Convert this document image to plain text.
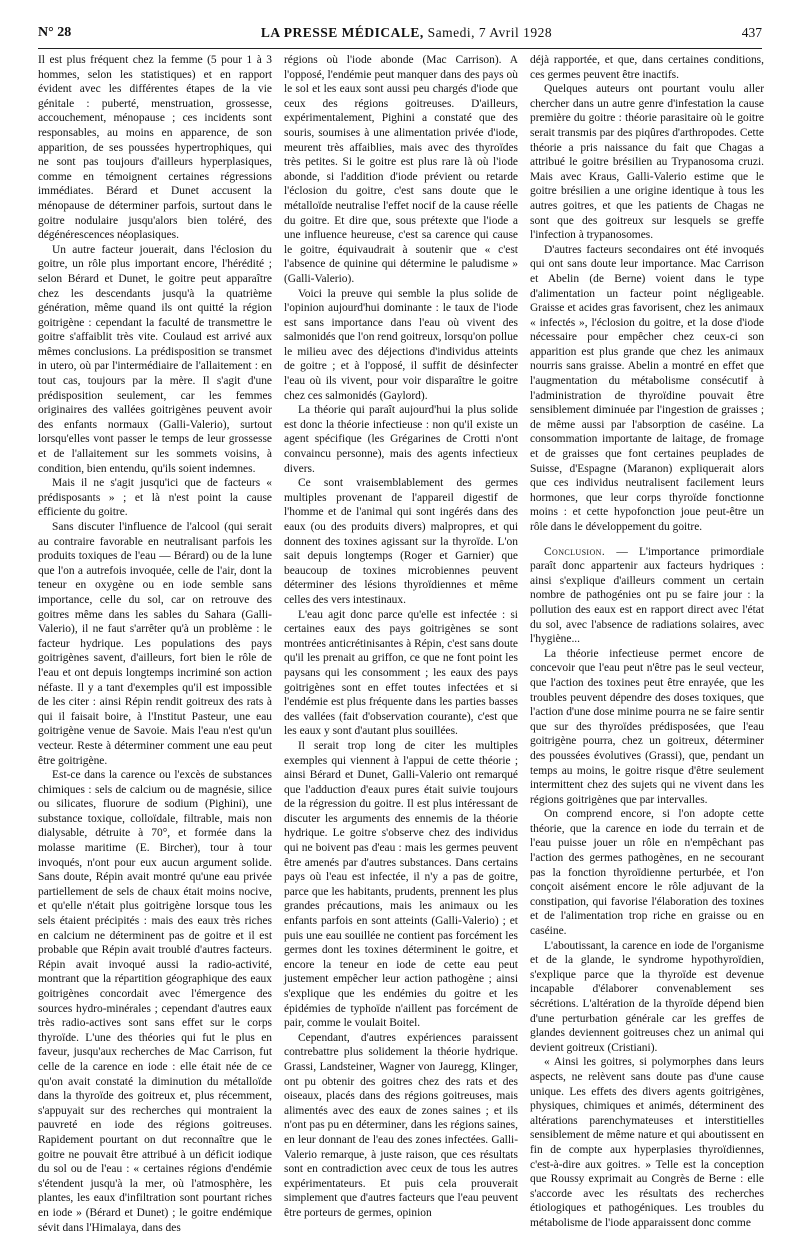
N° 28	LA PRESSE MÉDICALE, Samedi, 7 Avril 1928	437

Il est plus fréquent chez la femme (5 pour 1 à 3 hommes, selon les statistiques) et en rapport évident avec les différentes étapes de la vie génitale : puberté, menstruation, grossesse, accouchement, ménopause ; ces incidents sont responsables, au moins en apparence, de son apparition, de ses poussées hypertrophiques, qui ne sont pas toujours d'ailleurs hyperplasiques, comme en témoignent certaines régressions immédiates. Bérard et Dunet accusent la ménopause de déterminer parfois, surtout dans le goitre nodulaire jusqu'alors bien toléré, des dégénérescences néoplasiques.

Un autre facteur jouerait, dans l'éclosion du goitre, un rôle plus important encore, l'hérédité ; selon Bérard et Dunet, le goitre peut apparaître chez les descendants jusqu'à la quatrième génération, même quand ils ont quitté la région goitrigène : cependant la faculté de transmettre le goitre s'affaiblit très vite. Coulaud est arrivé aux mêmes conclusions. La prédisposition se transmet in utero, où par l'intermédiaire de l'allaitement : en tout cas, toujours par la mère. Il s'agit d'une prédisposition seulement, car les femmes originaires des vallées goitrigènes peuvent avoir des enfants normaux (Galli-Valerio), surtout lorsqu'elles vont passer le temps de leur grossesse et de l'allaitement sur les sommets voisins, à condition, bien entendu, qu'ils soient indemnes.

Mais il ne s'agit jusqu'ici que de facteurs « prédisposants » ; et là n'est point la cause efficiente du goitre.

Sans discuter l'influence de l'alcool (qui serait au contraire favorable en neutralisant parfois les produits toxiques de l'eau — Bérard) ou de la lune que l'on a autrefois invoquée, celle de l'air, dont la teneur en oxygène ou en iode semble sans importance, celle du sol, car on retrouve des goitres même dans les sables du Sahara (Galli-Valerio), il ne faut s'arrêter qu'à un problème : le facteur hydrique. Les populations des pays goitrigènes savent, d'ailleurs, fort bien le rôle de l'eau et ont depuis longtemps incriminé son action néfaste. Il y a tant d'exemples qu'il est impossible de les citer : ainsi Répin rendit goitreux des rats à qui il faisait boire, à l'Institut Pasteur, une eau goitrigène venue de Savoie. Mais l'eau n'est qu'un vecteur. Reste à déterminer comment une eau peut être goitrigène.

Est-ce dans la carence ou l'excès de substances chimiques : sels de calcium ou de magnésie, silice ou silicates, fluorure de sodium (Pighini), une substance toxique, colloïdale, filtrable, mais non dialysable, détruite à 70°, et formée dans la molasse maritime (E. Bircher), tour à tour invoqués, n'ont pour eux aucun argument solide. Sans doute, Répin avait montré qu'une eau privée partiellement de sels de chaux était moins nocive, et qu'elle n'était plus goitrigène lorsque tous les sels étaient précipités : mais des eaux très riches en calcium ne déterminent pas de goitre et il est probable que Répin avait troublé d'autres facteurs. Répin avait invoqué aussi la radio-activité, montrant que la répartition géographique des eaux goitrigènes concordait avec l'émergence des sources hydro-minérales ; cependant d'autres eaux très radio-actives sont sans effet sur le corps thyroïde. L'une des théories qui fut le plus en faveur, jusqu'aux recherches de Mac Carrison, fut celle de la carence en iode : elle était née de ce qu'on avait constaté la diminution du métalloïde dans la thyroïde des goitreux et, plus récemment, s'appuyait sur des recherches qui montraient la pauvreté en iode des régions goitreuses. Rapidement pourtant on dut reconnaître que le goitre ne pouvait être attribué à un déficit iodique du sol ou de l'eau : « certaines régions d'endémie s'étendent jusqu'à la mer, où l'atmosphère, les plantes, les eaux d'infiltration sont pourtant riches en iode » (Bérard et Dunet) ; le goitre endémique sévit dans l'Himalaya, dans des

régions où l'iode abonde (Mac Carrison). A l'opposé, l'endémie peut manquer dans des pays où le sol et les eaux sont aussi peu chargés d'iode que ceux des régions goitreuses. D'ailleurs, expérimentalement, Pighini a constaté que des souris, soumises à une alimentation privée d'iode, meurent très affaiblies, mais avec des thyroïdes très petites. Si le goitre est plus rare là où l'iode abonde, si l'addition d'iode prévient ou retarde l'éclosion du goitre, c'est sans doute que le métalloïde neutralise l'effet nocif de la cause réelle du goitre. Et dire que, sous prétexte que l'iode a une influence heureuse, c'est sa carence qui cause le goitre, équivaudrait à soutenir que « c'est l'absence de quinine qui détermine le paludisme » (Galli-Valerio).

Voici la preuve qui semble la plus solide de l'opinion aujourd'hui dominante : le taux de l'iode est sans importance dans l'eau où vivent des salmonidés que l'on rend goitreux, lorsqu'on pollue le milieu avec des déjections d'individus atteints de goitre ; et à l'opposé, il suffit de désinfecter l'eau où ils vivent, pour voir disparaître le goitre chez ces salmonidés (Gaylord).

La théorie qui paraît aujourd'hui la plus solide est donc la théorie infectieuse : non qu'il existe un agent spécifique (les Grégarines de Crotti n'ont convaincu personne), mais des agents infectieux divers.

Ce sont vraisemblablement des germes multiples provenant de l'appareil digestif de l'homme et de l'animal qui sont ingérés dans des eaux (ou des produits divers) malpropres, et qui donnent des toxines agissant sur la thyroïde. L'on sait depuis longtemps (Roger et Garnier) que beaucoup de toxines microbiennes peuvent déterminer des lésions thyroïdiennes et même celles des vers intestinaux.

L'eau agit donc parce qu'elle est infectée : si certaines eaux des pays goitrigènes se sont montrées anticrétinisantes à Répin, c'est sans doute qu'il les prenait au griffon, ce que ne font point les paysans qui les consomment ; les eaux des pays goitrigènes sont en effet toutes infectées et si l'endémie est plus fréquente dans les parties basses des vallées (fait d'observation courante), c'est que les eaux y sont d'autant plus souillées.

Il serait trop long de citer les multiples exemples qui viennent à l'appui de cette théorie ; ainsi Bérard et Dunet, Galli-Valerio ont remarqué que l'adduction d'eaux pures était suivie toujours de la régression du goitre. Il est plus intéressant de discuter les arguments des ennemis de la théorie hydrique. Le goitre s'observe chez des individus qui ne boivent pas d'eau : mais les germes peuvent être amenés par d'autres substances. Dans certains pays où l'eau est infectée, il n'y a pas de goitre, parce que les habitants, prudents, prennent les plus grandes précautions, mais les animaux ou les enfants parfois en sont atteints (Galli-Valerio) ; et puis une eau souillée ne contient pas forcément les germes dont les toxines déterminent le goitre, et encore la teneur en iode de cette eau peut justement empêcher leur action pathogène ; ainsi s'explique que les endémies du goitre et les épidémies de typhoïde n'aillent pas forcément de pair, comme le voulait Boitel.

Cependant, d'autres expériences paraissent contrebattre plus solidement la théorie hydrique. Grassi, Landsteiner, Wagner von Jauregg, Klinger, ont pu obtenir des goitres chez des rats et des oiseaux, placés dans des régions goitreuses, mais alimentés avec des eaux de zones saines ; et ils n'ont pas pu en déterminer, dans les régions saines, en leur donnant de l'eau des zones infectées. Galli-Valerio remarque, à juste raison, que ces résultats sont en contradiction avec ceux de tous les autres expérimentateurs. Et puis cela prouverait simplement que d'autres facteurs que l'eau peuvent être porteurs de germes, opinion

déjà rapportée, et que, dans certaines conditions, ces germes peuvent être inactifs.

Quelques auteurs ont pourtant voulu aller chercher dans un autre genre d'infestation la cause première du goitre : théorie parasitaire où le goitre serait transmis par des piqûres d'arthropodes. Cette théorie a pris naissance du fait que Chagas a attribué le goitre brésilien au Trypanosoma cruzi. Mais avec Kraus, Galli-Valerio estime que le goitre brésilien a une origine identique à tous les autres goitres, et que les patients de Chagas ne sont que des goitreux sur lesquels se greffe l'infection à trypanosomes.

D'autres facteurs secondaires ont été invoqués qui ont sans doute leur importance. Mac Carrison et Abelin (de Berne) voient dans le type d'alimentation un facteur point négligeable. Graisse et acides gras favorisent, chez les animaux « infectés », l'éclosion du goitre, et la dose d'iode nécessaire pour empêcher chez ceux-ci son apparition est plus grande que chez les animaux nourris sans graisse. Abelin a montré en effet que l'augmentation du métabolisme consécutif à l'administration de thyroïdine pouvait être sensiblement diminuée par l'ingestion de graisses ; de même aussi par l'absorption de caséine. La consommation importante de laitage, de fromage et de graisses que font certaines peuplades de Suisse, d'Espagne (Maranon) expliquerait alors que ces individus neutralisent facilement leurs hormones, que leur corps thyroïde fonctionne moins : et cette hypofonction joue peut-être un rôle dans le développement du goitre.

Conclusion. — L'importance primordiale paraît donc appartenir aux facteurs hydriques : ainsi s'explique d'ailleurs comment un certain nombre de pathogénies ont pu se faire jour : la pollution des eaux est en rapport direct avec l'état du sol, avec l'absence de radiations solaires, avec l'hygiène...

La théorie infectieuse permet encore de concevoir que l'eau peut n'être pas le seul vecteur, que l'action des toxines peut être enrayée, que les troubles peuvent dépendre des doses toxiques, que l'action d'une dose minime pourra ne se faire sentir que sur des thyroïdes prédisposées, que l'eau goitrigène pourra, chez un goitreux, déterminer des poussées évolutives (Grassi), que, pendant un temps au moins, le goitre risque d'être seulement intermittent chez des sujets qui ne vivent dans les régions goitrigènes que par intervalles.

On comprend encore, si l'on adopte cette théorie, que la carence en iode du terrain et de l'eau puisse jouer un rôle en n'empêchant pas l'action des germes pathogènes, en ne secourant pas la fonction thyroïdienne perturbée, et l'on conçoit aisément encore le rôle adjuvant de la constipation, qui favorise l'élaboration des toxines et de l'alimentation trop riche en graisse ou en caséine.

L'aboutissant, la carence en iode de l'organisme et de la glande, le syndrome hypothyroïdien, s'explique parce que la thyroïde est devenue incapable d'élaborer convenablement ses sécrétions. L'altération de la thyroïde dépend bien d'une perturbation générale car les greffes de glandes deviennent goitreuses chez un animal qui devient goitreux (Cristiani).

« Ainsi les goitres, si polymorphes dans leurs aspects, ne relèvent sans doute pas d'une cause unique. Les effets des divers agents goitrigènes, physiques, chimiques et animés, déterminent des altérations parenchymateuses et interstitielles sensiblement de même nature et qui aboutissent en fin de compte aux hyperplasies thyroïdiennes, c'est-à-dire aux goitres. » Telle est la conception que Roussy exprimait au Congrès de Berne : elle s'accorde avec les résultats des recherches étiologiques et pathogéniques. Les troubles du métabolisme de l'iode apparaissent donc comme
